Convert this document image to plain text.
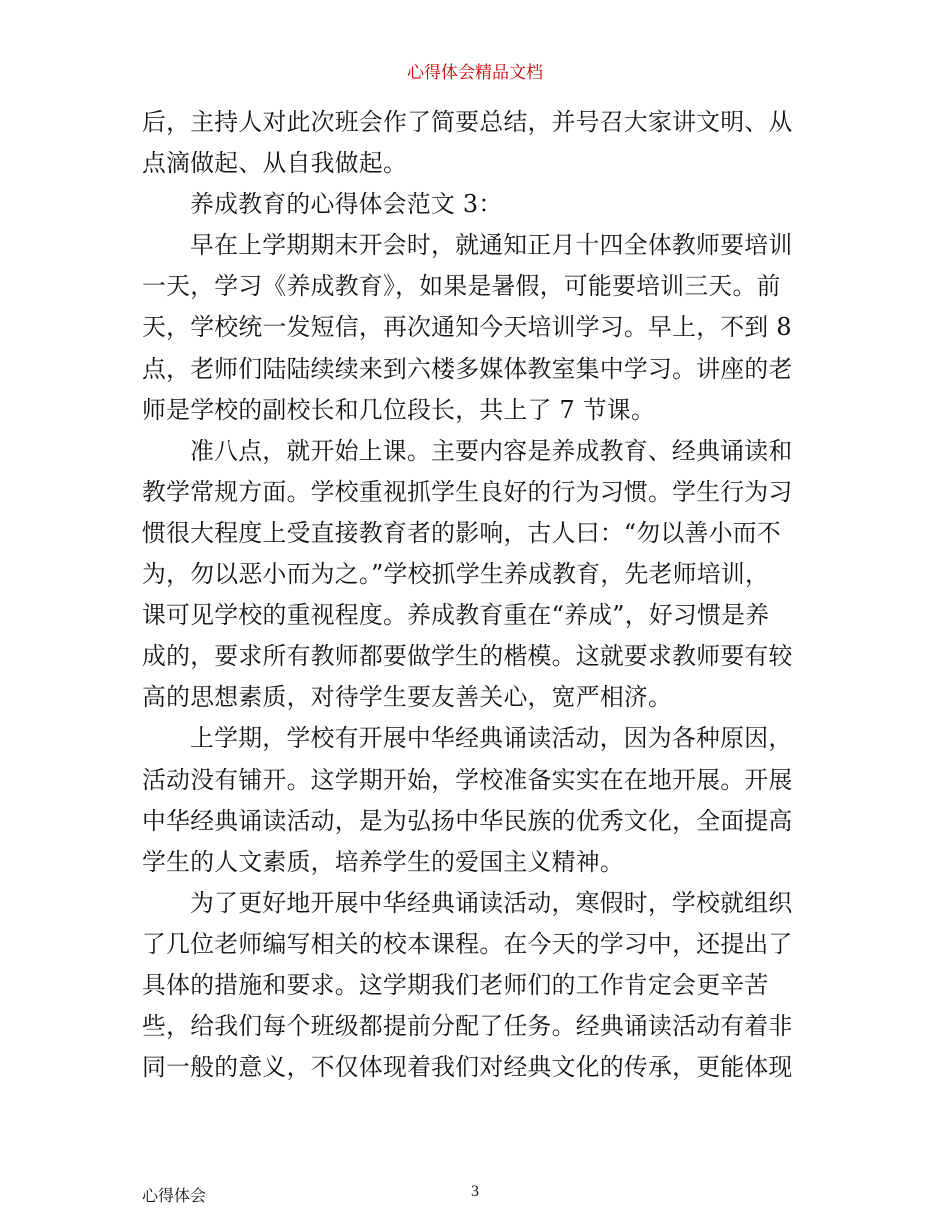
心得体会精品文档
后，主持人对此次班会作了简要总结，并号召大家讲文明、从
点滴做起、从自我做起。
养成教育的心得体会范文 3：
早在上学期期末开会时，就通知正月十四全体教师要培训
一天，学习《养成教育》，如果是暑假，可能要培训三天。前
天，学校统一发短信，再次通知今天培训学习。早上，不到 8
点，老师们陆陆续续来到六楼多媒体教室集中学习。讲座的老
师是学校的副校长和几位段长，共上了 7 节课。
准八点，就开始上课。主要内容是养成教育、经典诵读和
教学常规方面。学校重视抓学生良好的行为习惯。学生行为习
惯很大程度上受直接教育者的影响，古人曰：“勿以善小而不
为，勿以恶小而为之。”学校抓学生养成教育，先老师培训，
课可见学校的重视程度。养成教育重在“养成”，好习惯是养
成的，要求所有教师都要做学生的楷模。这就要求教师要有较
高的思想素质，对待学生要友善关心，宽严相济。
上学期，学校有开展中华经典诵读活动，因为各种原因，
活动没有铺开。这学期开始，学校准备实实在在地开展。开展
中华经典诵读活动，是为弘扬中华民族的优秀文化，全面提高
学生的人文素质，培养学生的爱国主义精神。
为了更好地开展中华经典诵读活动，寒假时，学校就组织
了几位老师编写相关的校本课程。在今天的学习中，还提出了
具体的措施和要求。这学期我们老师们的工作肯定会更辛苦
些，给我们每个班级都提前分配了任务。经典诵读活动有着非
同一般的意义，不仅体现着我们对经典文化的传承，更能体现
心得体会	3
